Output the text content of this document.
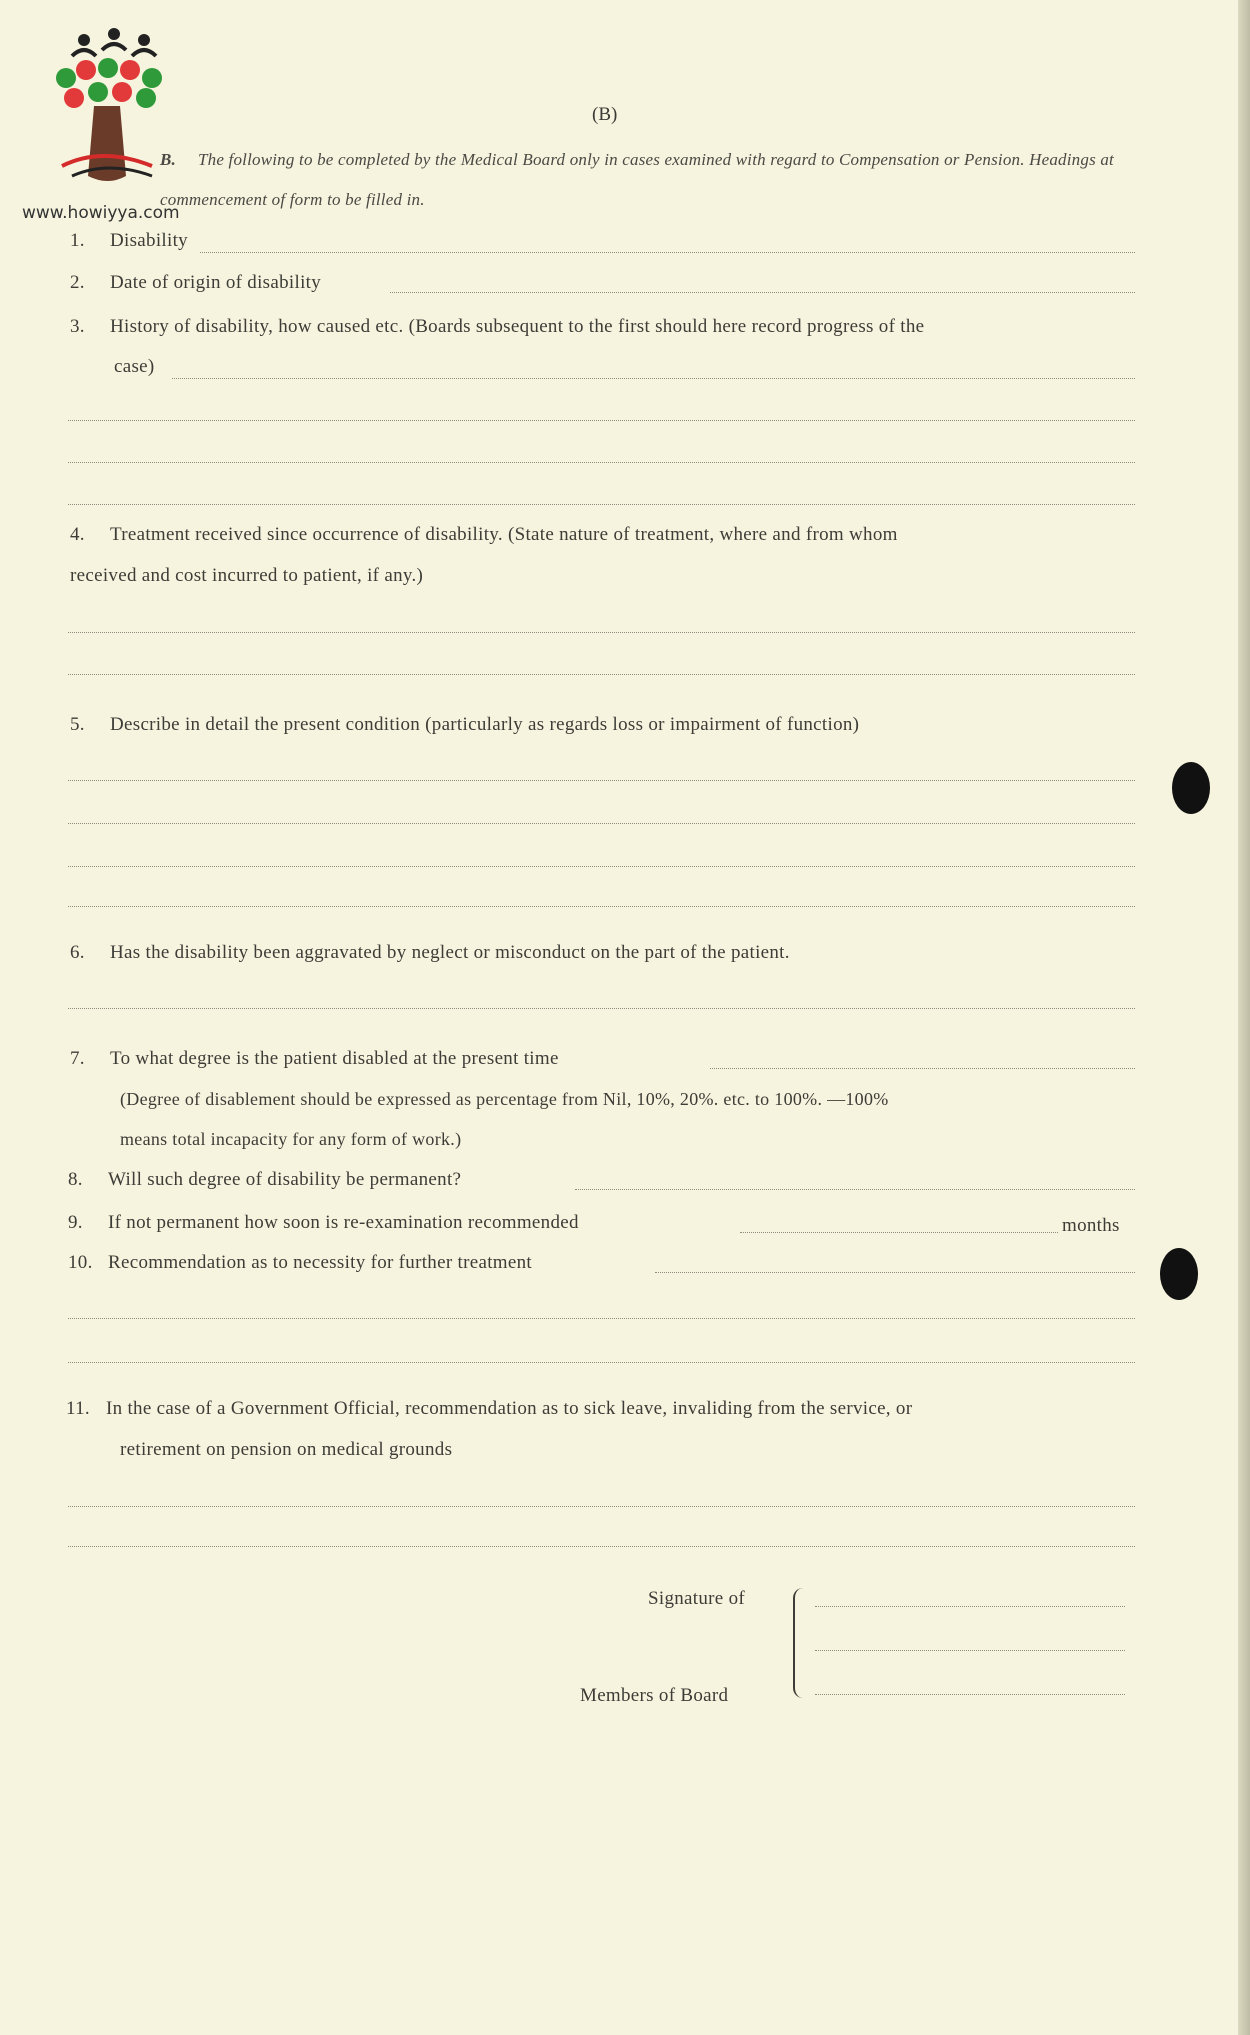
www.howiyya.com
(B)
B. The following to be completed by the Medical Board only in cases examined with regard to Compensation or Pension. Headings at commencement of form to be filled in.
1. Disability
2. Date of origin of disability
3. History of disability, how caused etc. (Boards subsequent to the first should here record progress of the
case)
4. Treatment received since occurrence of disability. (State nature of treatment, where and from whom
received and cost incurred to patient, if any.)
5. Describe in detail the present condition (particularly as regards loss or impairment of function)
6. Has the disability been aggravated by neglect or misconduct on the part of the patient.
7. To what degree is the patient disabled at the present time
(Degree of disablement should be expressed as percentage from Nil, 10%, 20%. etc. to 100%. —100%
means total incapacity for any form of work.)
8. Will such degree of disability be permanent?
9. If not permanent how soon is re-examination recommended	months
10. Recommendation as to necessity for further treatment
11. In the case of a Government Official, recommendation as to sick leave, invaliding from the service, or
retirement on pension on medical grounds
Signature of
Members of Board
